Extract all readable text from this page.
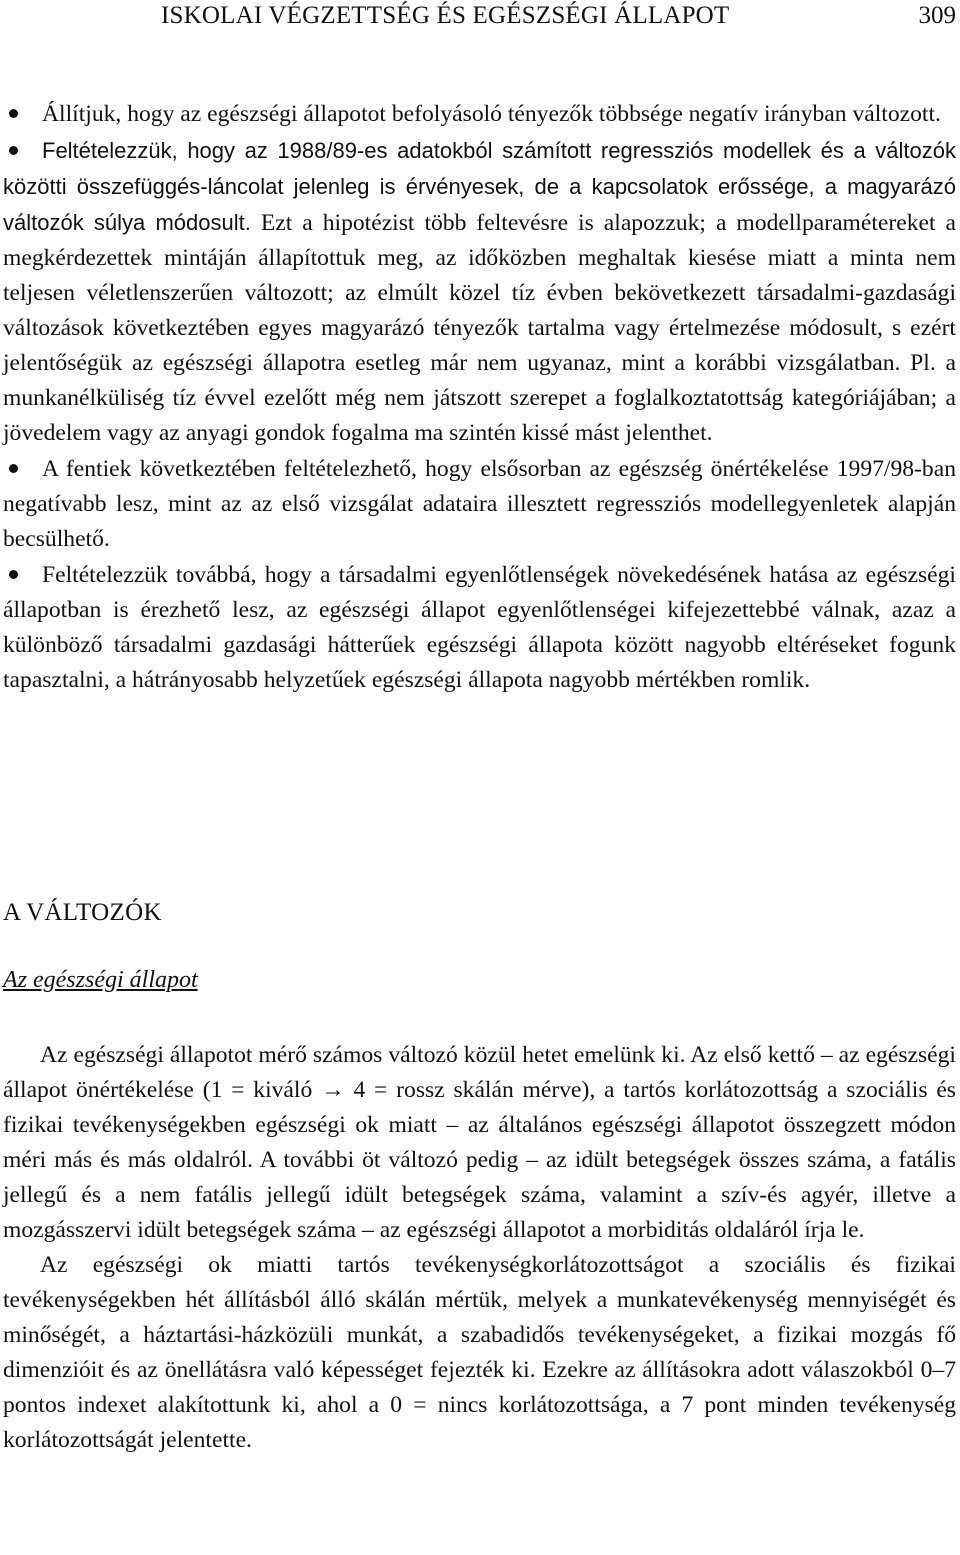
ISKOLAI VÉGZETTSÉG ÉS EGÉSZSÉGI ÁLLAPOT	309
Állítjuk, hogy az egészségi állapotot befolyásoló tényezők többsége negatív irányban változott.
Feltételezzük, hogy az 1988/89-es adatokból számított regressziós modellek és a változók közötti összefüggés-láncolat jelenleg is érvényesek, de a kapcsolatok erőssége, a magyarázó változók súlya módosult. Ezt a hipotézist több feltevésre is alapozzuk; a modellparamétereket a megkérdezettek mintáján állapítottuk meg, az időközben meghaltak kiesése miatt a minta nem teljesen véletlenszerűen változott; az elmúlt közel tíz évben bekövetkezett társadalmi-gazdasági változások következtében egyes magyarázó tényezők tartalma vagy értelmezése módosult, s ezért jelentőségük az egészségi állapotra esetleg már nem ugyanaz, mint a korábbi vizsgálatban. Pl. a munkanélküliség tíz évvel ezelőtt még nem játszott szerepet a foglalkoztatottság kategóriájában; a jövedelem vagy az anyagi gondok fogalma ma szintén kissé mást jelenthet.
A fentiek következtében feltételezhető, hogy elsősorban az egészség önértékelése 1997/98-ban negatívabb lesz, mint az az első vizsgálat adataira illesztett regressziós modellegyenletek alapján becsülhető.
Feltételezzük továbbá, hogy a társadalmi egyenlőtlenségek növekedésének hatása az egészségi állapotban is érezhető lesz, az egészségi állapot egyenlőtlenségei kifejezettebbé válnak, azaz a különböző társadalmi gazdasági hátterűek egészségi állapota között nagyobb eltéréseket fogunk tapasztalni, a hátrányosabb helyzetűek egészségi állapota nagyobb mértékben romlik.
A VÁLTOZÓK
Az egészségi állapot
Az egészségi állapotot mérő számos változó közül hetet emelünk ki. Az első kettő – az egészségi állapot önértékelése (1 = kiváló → 4 = rossz skálán mérve), a tartós korlátozottság a szociális és fizikai tevékenységekben egészségi ok miatt – az általános egészségi állapotot összegzett módon méri más és más oldalról. A további öt változó pedig – az idült betegségek összes száma, a fatális jellegű és a nem fatális jellegű idült betegségek száma, valamint a szív-és agyér, illetve a mozgásszervi idült betegségek száma – az egészségi állapotot a morbiditás oldaláról írja le.
Az egészségi ok miatti tartós tevékenységkorlátozottságot a szociális és fizikai tevékenységekben hét állításból álló skálán mértük, melyek a munkatevékenység mennyiségét és minőségét, a háztartási-házközüli munkát, a szabadidős tevékenységeket, a fizikai mozgás fő dimenzióit és az önellátásra való képességet fejezték ki. Ezekre az állításokra adott válaszokból 0–7 pontos indexet alakítottunk ki, ahol a 0 = nincs korlátozottsága, a 7 pont minden tevékenység korlátozottságát jelentette.
